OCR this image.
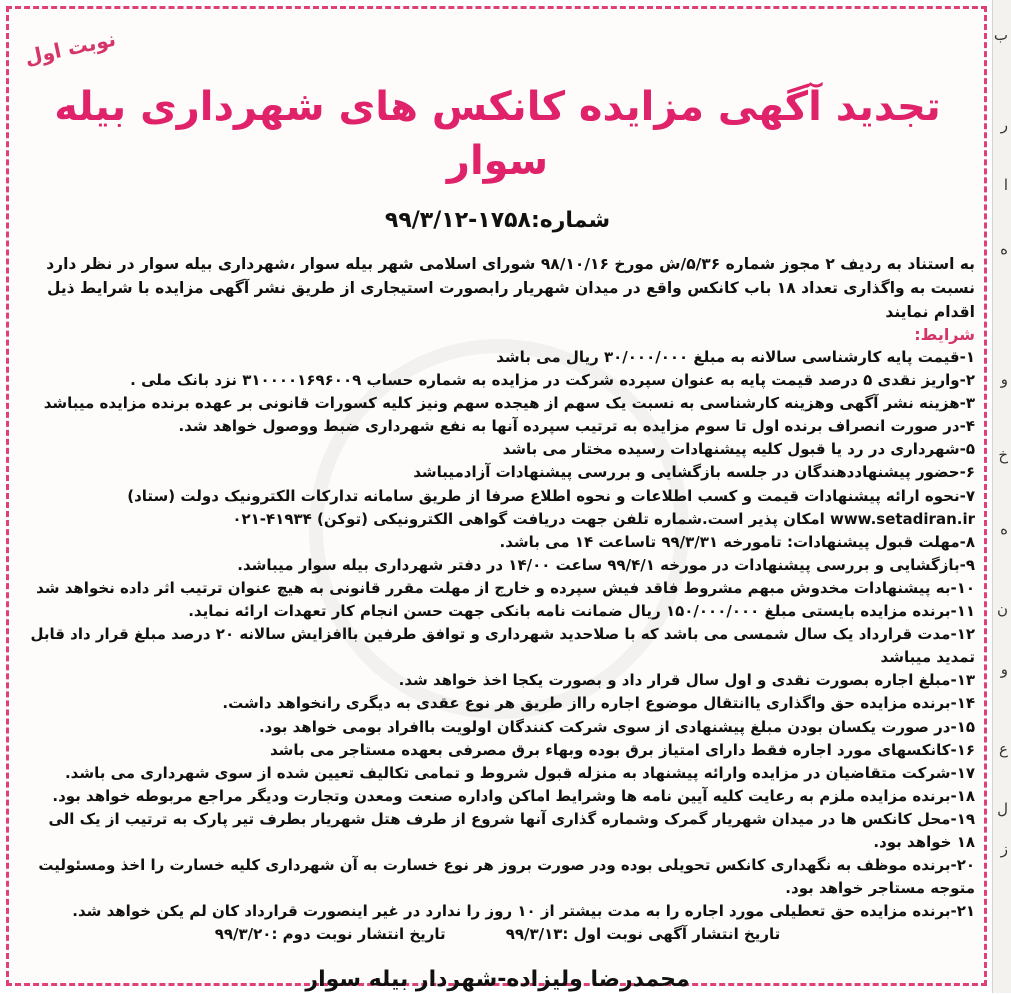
ب
ر
ا
ه
و
خ
ه
ن
و
ع
ل
ز
نوبت اول
تجدید آگهی مزایده کانکس های شهرداری بیله سوار
شماره:۱۷۵۸-۹۹/۳/۱۲
به استناد به ردیف ۲ مجوز شماره ۵/۳۶/ش مورخ ۹۸/۱۰/۱۶ شورای اسلامی شهر بیله سوار ،شهرداری بیله سوار در نظر دارد نسبت به واگذاری تعداد ۱۸ باب کانکس واقع در میدان شهریار رابصورت استیجاری از طریق نشر آگهی مزایده با شرایط ذیل اقدام نمایند
شرایط:
۱-قیمت پایه کارشناسی سالانه به مبلغ ۳۰/۰۰۰/۰۰۰ ریال می باشد
۲-واریز نقدی ۵ درصد قیمت پایه به عنوان سپرده شرکت در مزایده به شماره حساب ۳۱۰۰۰۰۱۶۹۶۰۰۹ نزد بانک ملی .
۳-هزینه نشر آگهی وهزینه کارشناسی به نسبت یک سهم از هیجده سهم ونیز کلیه کسورات قانونی بر عهده برنده مزایده میباشد
۴-در صورت انصراف برنده اول تا سوم مزایده به ترتیب سپرده آنها به نفع شهرداری ضبط ووصول خواهد شد.
۵-شهرداری در رد یا قبول کلیه پیشنهادات رسیده مختار می باشد
۶-حضور پیشنهاددهندگان در جلسه بازگشایی و بررسی پیشنهادات آزادمیباشد
۷-نحوه ارائه پیشنهادات قیمت و کسب اطلاعات و نحوه اطلاع صرفا از طریق سامانه تدارکات الکترونیک دولت (ستاد) www.setadiran.ir امکان پذیر است.شماره تلفن جهت دریافت گواهی الکترونیکی (توکن) ۴۱۹۳۴-۰۲۱
۸-مهلت قبول پیشنهادات: تامورخه ۹۹/۳/۳۱ تاساعت ۱۴ می باشد.
۹-بازگشایی و بررسی پیشنهادات در مورخه ۹۹/۴/۱ ساعت ۱۴/۰۰ در دفتر شهرداری بیله سوار میباشد.
۱۰-به پیشنهادات مخدوش مبهم مشروط فاقد فیش سپرده و خارج از مهلت مقرر قانونی به هیچ عنوان ترتیب اثر داده نخواهد شد
۱۱-برنده مزایده بایستی مبلغ ۱۵۰/۰۰۰/۰۰۰ ریال ضمانت نامه بانکی جهت حسن انجام کار تعهدات ارائه نماید.
۱۲-مدت قرارداد یک سال شمسی می باشد که با صلاحدید شهرداری و توافق طرفین باافزایش سالانه ۲۰ درصد مبلغ قرار داد قابل تمدید میباشد
۱۳-مبلغ اجاره بصورت نقدی و اول سال قرار داد و بصورت یکجا اخذ خواهد شد.
۱۴-برنده مزایده حق واگذاری یاانتقال موضوع اجاره رااز طریق هر نوع عقدی به دیگری رانخواهد داشت.
۱۵-در صورت یکسان بودن مبلغ پیشنهادی از سوی شرکت کنندگان اولویت باافراد بومی خواهد بود.
۱۶-کانکسهای مورد اجاره فقط دارای امتیاز برق بوده وبهاء برق مصرفی بعهده مستاجر می باشد
۱۷-شرکت متقاضیان در مزایده وارائه پیشنهاد به منزله قبول شروط و تمامی تکالیف تعیین شده از سوی شهرداری می باشد.
۱۸-برنده مزایده ملزم به رعایت کلیه آیین نامه ها وشرایط اماکن واداره صنعت ومعدن وتجارت ودیگر مراجع مربوطه خواهد بود.
۱۹-محل کانکس ها در میدان شهریار گمرک وشماره گذاری آنها شروع از طرف هتل شهریار بطرف تیر پارک به ترتیب از یک الی ۱۸ خواهد بود.
۲۰-برنده موظف به نگهداری کانکس تحویلی بوده ودر صورت بروز هر نوع خسارت به آن شهرداری کلیه خسارت را اخذ ومسئولیت متوجه مستاجر خواهد بود.
۲۱-برنده مزایده حق تعطیلی مورد اجاره را به مدت بیشتر از ۱۰ روز را ندارد در غیر اینصورت قرارداد کان لم یکن خواهد شد.
تاریخ انتشار آگهی نوبت اول :۹۹/۳/۱۳
تاریخ انتشار نوبت دوم :۹۹/۳/۲۰
محمدرضا ولیزاده-شهردار بیله سوار
